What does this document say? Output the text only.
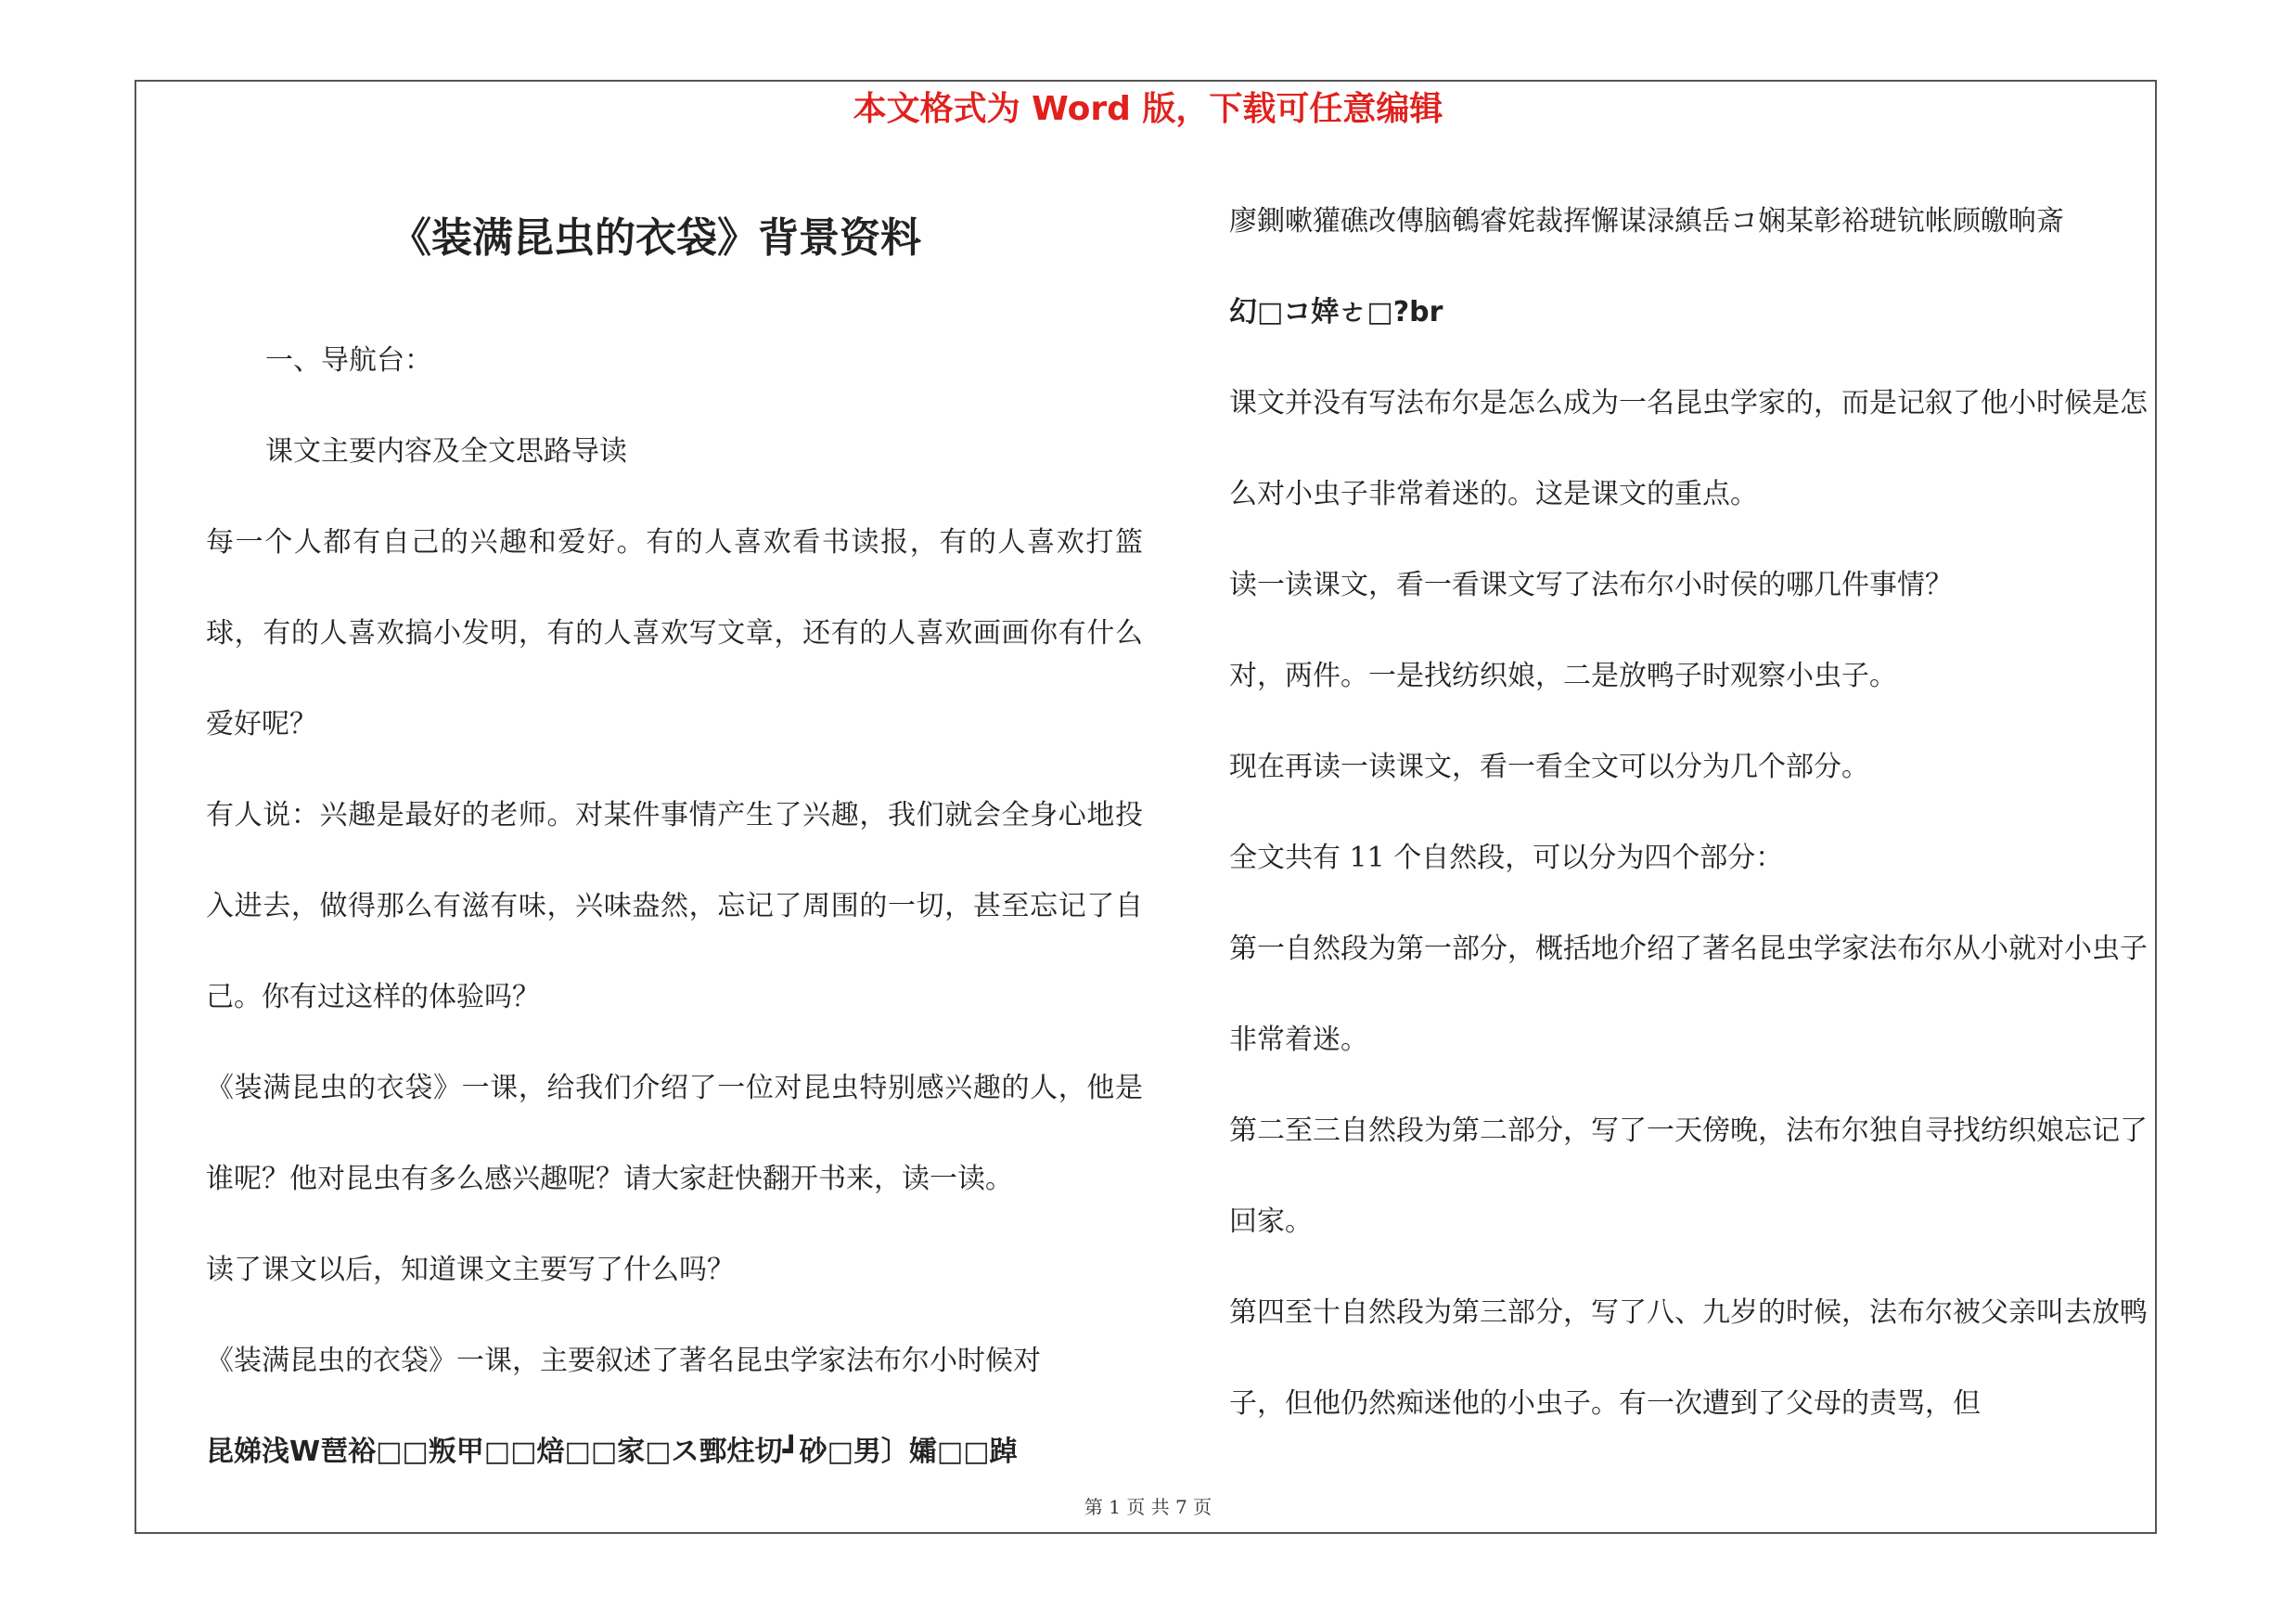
本文格式为 Word 版，下载可任意编辑
《装满昆虫的衣袋》背景资料

一、导航台：

课文主要内容及全文思路导读

每一个人都有自己的兴趣和爱好。有的人喜欢看书读报，有的人喜欢打篮球，有的人喜欢搞小发明，有的人喜欢写文章，还有的人喜欢画画你有什么爱好呢？

有人说：兴趣是最好的老师。对某件事情产生了兴趣，我们就会全身心地投入进去，做得那么有滋有味，兴味盎然，忘记了周围的一切，甚至忘记了自己。你有过这样的体验吗？

《装满昆虫的衣袋》一课，给我们介绍了一位对昆虫特别感兴趣的人，他是谁呢？他对昆虫有多么感兴趣呢？请大家赶快翻开书来，读一读。

读了课文以后，知道课文主要写了什么吗？

《装满昆虫的衣袋》一课，主要叙述了著名昆虫学家法布尔小时候对

昆娣浅W琶裕□□叛甲□□焙□□家□ス鄄炷切┛砂□男〕孀□□踔

廖鍘嗽獾礁改傳脑鵪睿姹裁挥懈谋渌縝岳コ娴某彰裕琎钪帐顾皦晌斎

幻□コ婞ㄜ□?br

课文并没有写法布尔是怎么成为一名昆虫学家的，而是记叙了他小时候是怎么对小虫子非常着迷的。这是课文的重点。

读一读课文，看一看课文写了法布尔小时侯的哪几件事情？

对，两件。一是找纺织娘，二是放鸭子时观察小虫子。

现在再读一读课文，看一看全文可以分为几个部分。

全文共有 11 个自然段，可以分为四个部分：

第一自然段为第一部分，概括地介绍了著名昆虫学家法布尔从小就对小虫子非常着迷。

第二至三自然段为第二部分，写了一天傍晚，法布尔独自寻找纺织娘忘记了回家。

第四至十自然段为第三部分，写了八、九岁的时候，法布尔被父亲叫去放鸭子，但他仍然痴迷他的小虫子。有一次遭到了父母的责骂，但

第 1 页 共 7 页
